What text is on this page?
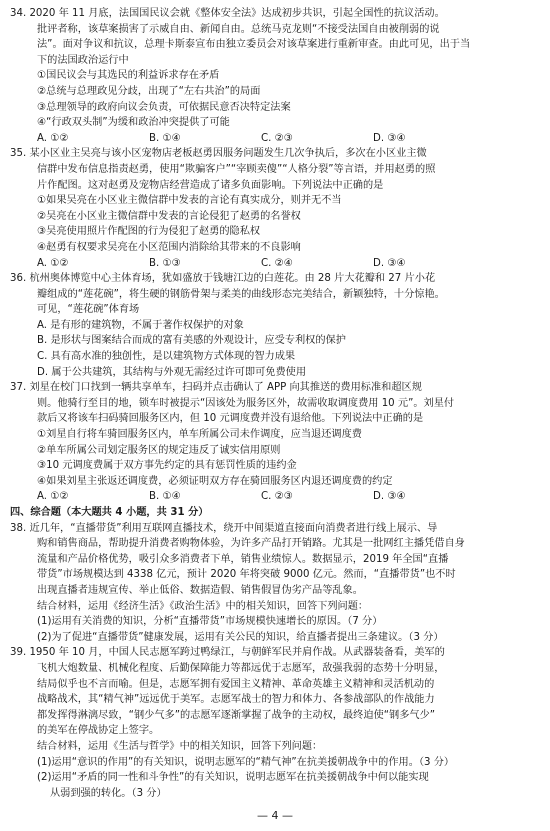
34. 2020 年 11 月底，法国国民议会就《整体安全法》达成初步共识，引起全国性的抗议活动。

批评者称，该草案损害了示威自由、新闻自由。总统马克龙则“不接受法国自由被削弱的说

法”。面对争议和抗议，总理卡斯泰宣布由独立委员会对该草案进行重新审查。由此可见，出于当

下的法国政治运行中

①国民议会与其选民的利益诉求存在矛盾

②总统与总理政见分歧，出现了“左右共治”的局面

③总理领导的政府向议会负责，可依据民意否决特定法案

④“行政双头制”为缓和政治冲突提供了可能

A. ①②	B. ①④	C. ②③	D. ③④

35. 某小区业主吴亮与该小区宠物店老板赵勇因服务问题发生几次争执后，多次在小区业主微

信群中发布信息指责赵勇，使用“欺骗客户”“宰顾卖傻”“人格分裂”等言语，并用赵勇的照

片作配图。这对赵勇及宠物店经营造成了诸多负面影响。下列说法中正确的是

①如果吴亮在小区业主微信群中发表的言论有真实成分，则并无不当

②吴亮在小区业主微信群中发表的言论侵犯了赵勇的名誉权

③吴亮使用照片作配图的行为侵犯了赵勇的隐私权

④赵勇有权要求吴亮在小区范围内消除给其带来的不良影响

A. ①②	B. ①③	C. ②④	D. ③④

36. 杭州奥体博览中心主体育场，犹如盛放于钱塘江边的白莲花。由 28 片大花瓣和 27 片小花

瓣组成的“莲花碗”，将生硬的钢筋骨架与柔美的曲线形态完美结合，新颖独特，十分惊艳。

可见，“莲花碗”体育场

A. 是有形的建筑物，不属于著作权保护的对象

B. 是形状与图案结合而成的富有美感的外观设计，应受专利权的保护

C. 具有高水准的独创性，是以建筑物方式体现的智力成果

D. 属于公共建筑，其结构与外观无需经过许可即可免费使用

37. 刘星在校门口找到一辆共享单车，扫码并点击确认了 APP 向其推送的费用标准和超区规

则。他骑行至目的地，锁车时被提示“因该处为服务区外，故需收取调度费用 10 元”。刘星付

款后又将该车扫码骑回服务区内，但 10 元调度费并没有退给他。下列说法中正确的是

①刘星自行将车骑回服务区内，单车所属公司未作调度，应当退还调度费

②单车所属公司划定服务区的规定违反了诚实信用原则

③10 元调度费属于双方事先约定的具有惩罚性质的违约金

④如果刘星主张返还调度费，必须证明双方存在骑回服务区内退还调度费的约定

A. ①②	B. ①④	C. ②③	D. ③④

四、综合题（本大题共 4 小题，共 31 分）

38. 近几年，“直播带货”利用互联网直播技术，绕开中间渠道直接面向消费者进行线上展示、导

购和销售商品，帮助提升消费者购物体验，为许多产品打开销路。尤其是一批网红主播凭借自身

流量和产品价格优势，吸引众多消费者下单，销售业绩惊人。数据显示，2019 年全国“直播

带货”市场规模达到 4338 亿元，预计 2020 年将突破 9000 亿元。然而，“直播带货”也不时

出现直播者违规宣传、举止低俗、数据造假、销售假冒伪劣产品等乱象。

结合材料，运用《经济生活》《政治生活》中的相关知识，回答下列问题：

(1)运用有关消费的知识，分析“直播带货”市场规模快速增长的原因。（7 分）

(2)为了促进“直播带货”健康发展，运用有关公民的知识，给直播者提出三条建议。（3 分）

39. 1950 年 10 月，中国人民志愿军跨过鸭绿江，与朝鲜军民并肩作战。从武器装备看，美军的

飞机大炮数量、机械化程度、后勤保障能力等都远优于志愿军，敌强我弱的态势十分明显，

结局似乎也不言而喻。但是，志愿军拥有爱国主义精神、革命英雄主义精神和灵活机动的

战略战术，其“精气神”远远优于美军。志愿军战士的智力和体力、各参战部队的作战能力

都发挥得淋漓尽致，“钢少气多”的志愿军逐渐掌握了战争的主动权，最终迫使“钢多气少”

的美军在停战协定上签字。

结合材料，运用《生活与哲学》中的相关知识，回答下列问题：

(1)运用“意识的作用”的有关知识，说明志愿军的“精气神”在抗美援朝战争中的作用。（3 分）

(2)运用“矛盾的同一性和斗争性”的有关知识，说明志愿军在抗美援朝战争中何以能实现

从弱到强的转化。（3 分）

— 4 —
